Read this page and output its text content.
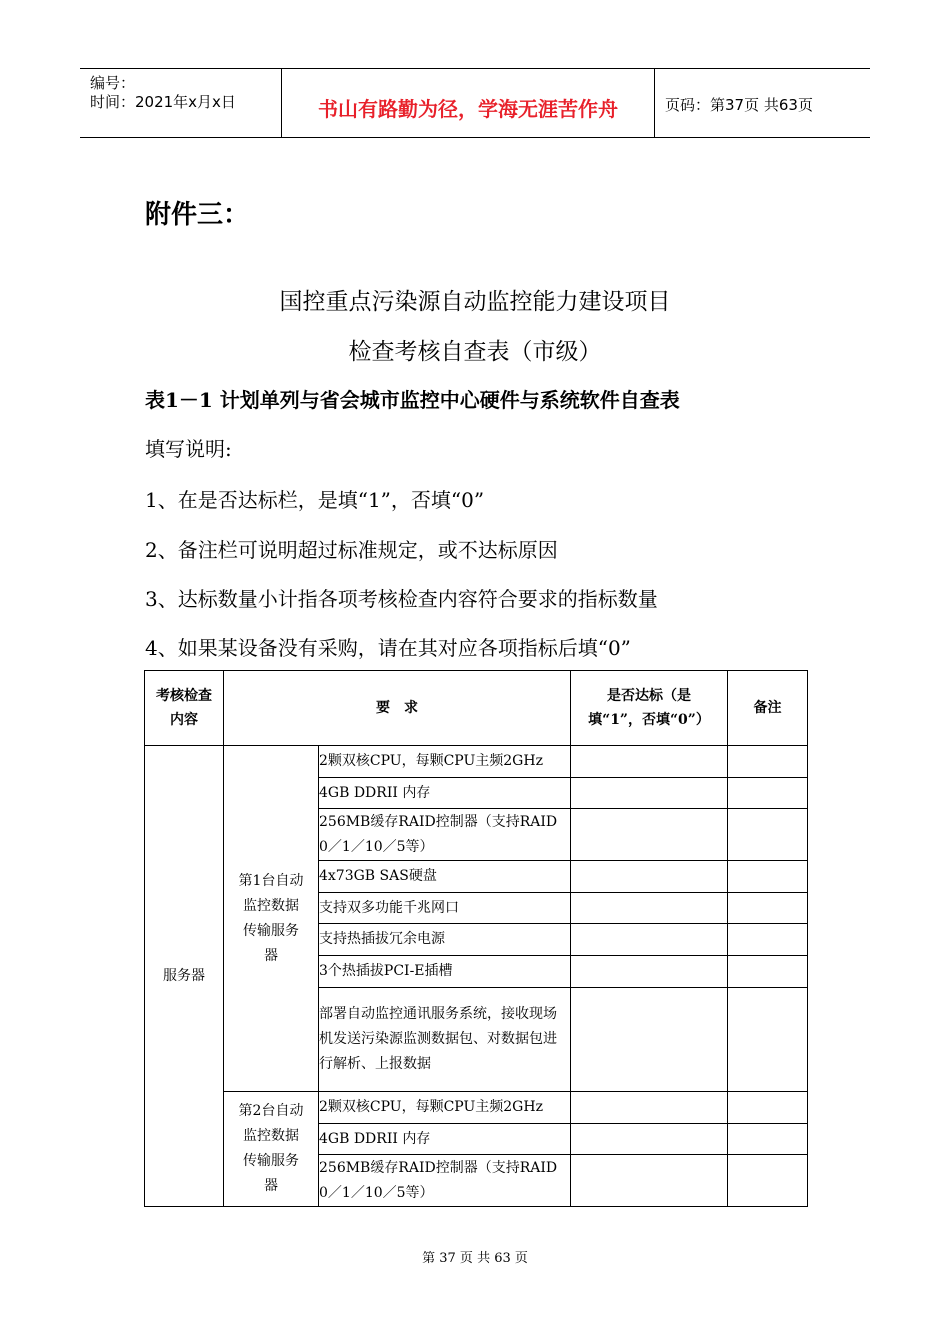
编号：
时间：2021年x月x日	书山有路勤为径，学海无涯苦作舟	页码：第37页 共63页
附件三：
国控重点污染源自动监控能力建设项目
检查考核自查表（市级）
表1－1 计划单列与省会城市监控中心硬件与系统软件自查表
填写说明:
1、在是否达标栏，是填“1”，否填“0”
2、备注栏可说明超过标准规定，或不达标原因
3、达标数量小计指各项考核检查内容符合要求的指标数量
4、如果某设备没有采购，请在其对应各项指标后填“0”
考核检查内容	要　求		是否达标（是填“1”，否填“0”）	备注
服务器	第1台自动监控数据传输服务器	2颗双核CPU，每颗CPU主频2GHz		
		4GB DDRII 内存		
		256MB缓存RAID控制器（支持RAID 0／1／10／5等）		
		4x73GB SAS硬盘		
		支持双多功能千兆网口		
		支持热插拔冗余电源		
		3个热插拔PCI-E插槽		
		部署自动监控通讯服务系统，接收现场机发送污染源监测数据包、对数据包进行解析、上报数据		
	第2台自动监控数据传输服务器	2颗双核CPU，每颗CPU主频2GHz		
		4GB DDRII 内存		
		256MB缓存RAID控制器（支持RAID 0／1／10／5等）		
第 37 页 共 63 页
